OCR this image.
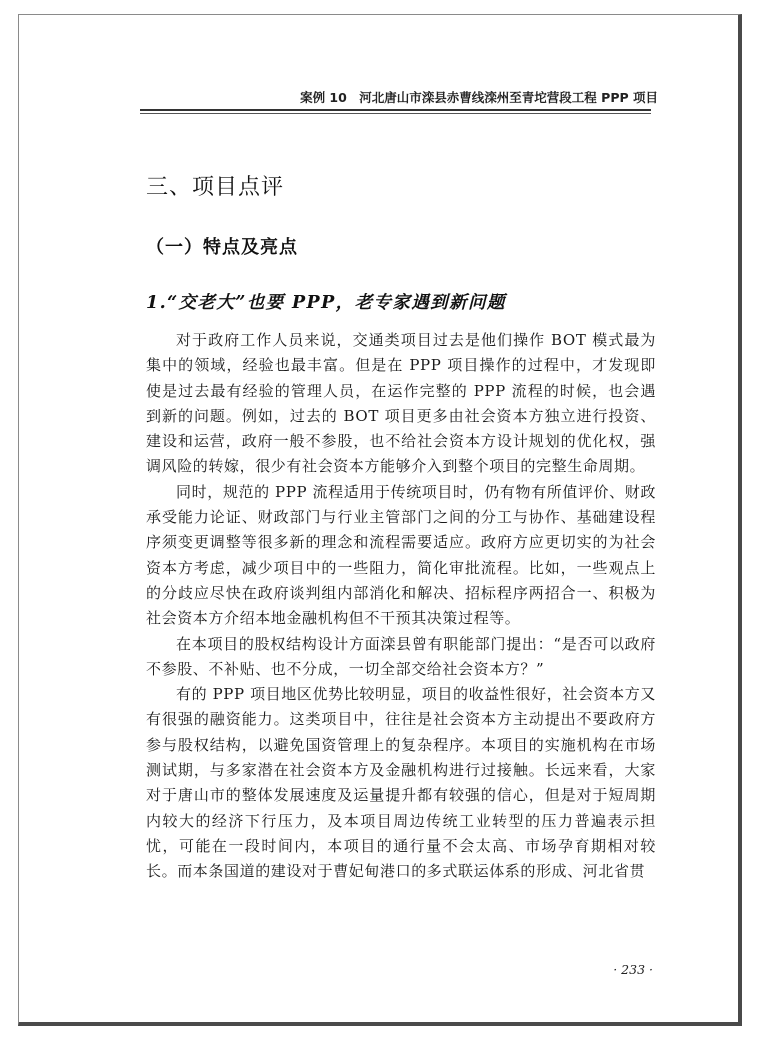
案例 10　河北唐山市滦县赤曹线滦州至青坨营段工程 PPP 项目
三、项目点评
（一）特点及亮点
1.“交老大”也要 PPP，老专家遇到新问题

对于政府工作人员来说，交通类项目过去是他们操作 BOT 模式最为集中的领域，经验也最丰富。但是在 PPP 项目操作的过程中，才发现即使是过去最有经验的管理人员，在运作完整的 PPP 流程的时候，也会遇到新的问题。例如，过去的 BOT 项目更多由社会资本方独立进行投资、建设和运营，政府一般不参股，也不给社会资本方设计规划的优化权，强调风险的转嫁，很少有社会资本方能够介入到整个项目的完整生命周期。

同时，规范的 PPP 流程适用于传统项目时，仍有物有所值评价、财政承受能力论证、财政部门与行业主管部门之间的分工与协作、基础建设程序须变更调整等很多新的理念和流程需要适应。政府方应更切实的为社会资本方考虑，减少项目中的一些阻力，简化审批流程。比如，一些观点上的分歧应尽快在政府谈判组内部消化和解决、招标程序两招合一、积极为社会资本方介绍本地金融机构但不干预其决策过程等。

在本项目的股权结构设计方面滦县曾有职能部门提出：“是否可以政府不参股、不补贴、也不分成，一切全部交给社会资本方？”

有的 PPP 项目地区优势比较明显，项目的收益性很好，社会资本方又有很强的融资能力。这类项目中，往往是社会资本方主动提出不要政府方参与股权结构，以避免国资管理上的复杂程序。本项目的实施机构在市场测试期，与多家潜在社会资本方及金融机构进行过接触。长远来看，大家对于唐山市的整体发展速度及运量提升都有较强的信心，但是对于短周期内较大的经济下行压力，及本项目周边传统工业转型的压力普遍表示担忧，可能在一段时间内，本项目的通行量不会太高、市场孕育期相对较长。而本条国道的建设对于曹妃甸港口的多式联运体系的形成、河北省贯

· 233 ·
